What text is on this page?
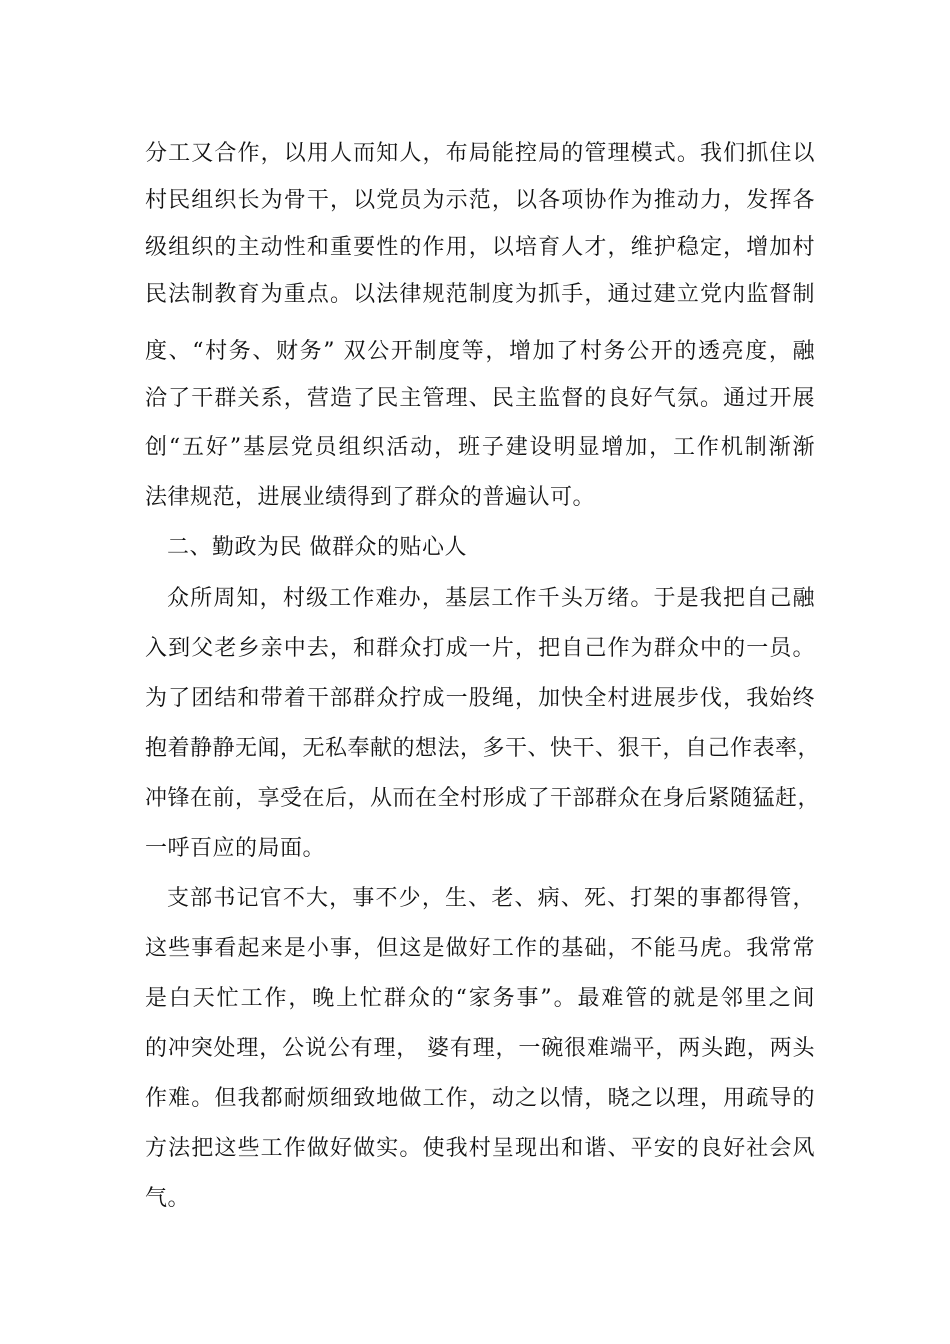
分工又合作，以用人而知人，布局能控局的管理模式。我们抓住以
村民组织长为骨干，以党员为示范，以各项协作为推动力，发挥各
级组织的主动性和重要性的作用，以培育人才，维护稳定，增加村
民法制教育为重点。以法律规范制度为抓手，通过建立党内监督制
度、“村务、财务” 双公开制度等，增加了村务公开的透亮度，融
洽了干群关系，营造了民主管理、民主监督的良好气氛。通过开展
创“五好”基层党员组织活动，班子建设明显增加，工作机制渐渐
法律规范，进展业绩得到了群众的普遍认可。
二、勤政为民 做群众的贴心人
众所周知，村级工作难办，基层工作千头万绪。于是我把自己融
入到父老乡亲中去，和群众打成一片，把自己作为群众中的一员。
为了团结和带着干部群众拧成一股绳，加快全村进展步伐，我始终
抱着静静无闻，无私奉献的想法，多干、快干、狠干，自己作表率，
冲锋在前，享受在后，从而在全村形成了干部群众在身后紧随猛赶，
一呼百应的局面。
支部书记官不大，事不少，生、老、病、死、打架的事都得管，
这些事看起来是小事，但这是做好工作的基础，不能马虎。我常常
是白天忙工作，晚上忙群众的“家务事”。最难管的就是邻里之间
的冲突处理，公说公有理， 婆有理，一碗很难端平，两头跑，两头
作难。但我都耐烦细致地做工作，动之以情，晓之以理，用疏导的
方法把这些工作做好做实。使我村呈现出和谐、平安的良好社会风
气。
